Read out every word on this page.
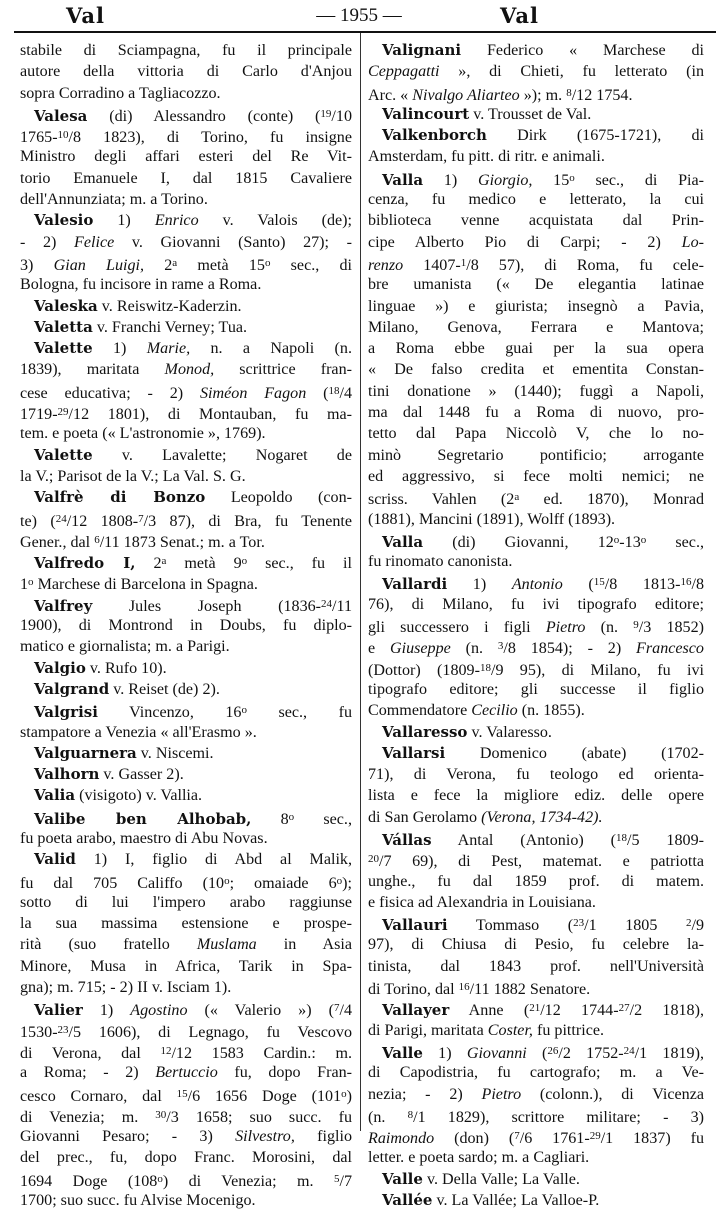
Val	— 1955 —	Val
stabile di Sciampagna, fu il principale
autore della vittoria di Carlo d'Anjou
sopra Corradino a Tagliacozzo.
Valesa (di) Alessandro (conte) ($^{19}$/10
1765-$^{10}$/8 1823), di Torino, fu insigne
Ministro degli affari esteri del Re Vit-
torio Emanuele I, dal 1815 Cavaliere
dell'Annunziata; m. a Torino.
Valesio 1) Enrico v. Valois (de);
- 2) Felice v. Giovanni (Santo) 27); -
3) Gian Luigi, 2$^a$ metà 15$^o$ sec., di
Bologna, fu incisore in rame a Roma.
Valeska v. Reiswitz-Kaderzin.
Valetta v. Franchi Verney; Tua.
Valette 1) Marie, n. a Napoli (n.
1839), maritata Monod, scrittrice fran-
cese educativa; - 2) Siméon Fagon ($^{18}$/4
1719-$^{29}$/12 1801), di Montauban, fu ma-
tem. e poeta (« L'astronomie », 1769).
Valette v. Lavalette; Nogaret de
la V.; Parisot de la V.; La Val. S. G.
Valfrè di Bonzo Leopoldo (con-
te) ($^{24}$/12 1808-$^7$/3 87), di Bra, fu Tenente
Gener., dal $^6$/11 1873 Senat.; m. a Tor.
Valfredo I, 2$^a$ metà 9$^o$ sec., fu il
1$^o$ Marchese di Barcelona in Spagna.
Valfrey Jules Joseph (1836-$^{24}$/11
1900), di Montrond in Doubs, fu diplo-
matico e giornalista; m. a Parigi.
Valgio v. Rufo 10).
Valgrand v. Reiset (de) 2).
Valgrisi Vincenzo, 16$^o$ sec., fu
stampatore a Venezia « all'Erasmo ».
Valguarnera v. Niscemi.
Valhorn v. Gasser 2).
Valia (visigoto) v. Vallia.
Valibe ben Alhobab, 8$^o$ sec.,
fu poeta arabo, maestro di Abu Novas.
Valid 1) I, figlio di Abd al Malik,
fu dal 705 Califfo (10$^o$; omaiade 6$^o$);
sotto di lui l'impero arabo raggiunse
la sua massima estensione e prospe-
rità (suo fratello Muslama in Asia
Minore, Musa in Africa, Tarik in Spa-
gna); m. 715; - 2) II v. Isciam 1).
Valier 1) Agostino (« Valerio ») ($^7$/4
1530-$^{23}$/5 1606), di Legnago, fu Vescovo
di Verona, dal $^{12}$/12 1583 Cardin.: m.
a Roma; - 2) Bertuccio fu, dopo Fran-
cesco Cornaro, dal $^{15}$/6 1656 Doge (101$^o$)
di Venezia; m. $^{30}$/3 1658; suo succ. fu
Giovanni Pesaro; - 3) Silvestro, figlio
del prec., fu, dopo Franc. Morosini, dal
1694 Doge (108$^o$) di Venezia; m. $^5$/7
1700; suo succ. fu Alvise Mocenigo.
Valignani Federico « Marchese di
Ceppagatti », di Chieti, fu letterato (in
Arc. « Nivalgo Aliarteo »); m. $^8$/12 1754.
Valincourt v. Trousset de Val.
Valkenborch Dirk (1675-1721), di
Amsterdam, fu pitt. di ritr. e animali.
Valla 1) Giorgio, 15$^o$ sec., di Pia-
cenza, fu medico e letterato, la cui
biblioteca venne acquistata dal Prin-
cipe Alberto Pio di Carpi; - 2) Lo-
renzo 1407-$^1$/8 57), di Roma, fu cele-
bre umanista (« De elegantia latinae
linguae ») e giurista; insegnò a Pavia,
Milano, Genova, Ferrara e Mantova;
a Roma ebbe guai per la sua opera
« De falso credita et ementita Constan-
tini donatione » (1440); fuggì a Napoli,
ma dal 1448 fu a Roma di nuovo, pro-
tetto dal Papa Niccolò V, che lo no-
minò Segretario pontificio; arrogante
ed aggressivo, si fece molti nemici; ne
scriss. Vahlen (2$^a$ ed. 1870), Monrad
(1881), Mancini (1891), Wolff (1893).
Valla (di) Giovanni, 12$^o$-13$^o$ sec.,
fu rinomato canonista.
Vallardi 1) Antonio ($^{15}$/8 1813-$^{16}$/8
76), di Milano, fu ivi tipografo editore;
gli successero i figli Pietro (n. $^9$/3 1852)
e Giuseppe (n. $^3$/8 1854); - 2) Francesco
(Dottor) (1809-$^{18}$/9 95), di Milano, fu ivi
tipografo editore; gli successe il figlio
Commendatore Cecilio (n. 1855).
Vallaresso v. Valaresso.
Vallarsi Domenico (abate) (1702-
71), di Verona, fu teologo ed orienta-
lista e fece la migliore ediz. delle opere
di San Gerolamo (Verona, 1734-42).
Vállas Antal (Antonio) ($^{18}$/5 1809-
$^{20}$/7 69), di Pest, matemat. e patriotta
unghe., fu dal 1859 prof. di matem.
e fisica ad Alexandria in Louisiana.
Vallauri Tommaso ($^{23}$/1 1805 $^2$/9
97), di Chiusa di Pesio, fu celebre la-
tinista, dal 1843 prof. nell'Università
di Torino, dal $^{16}$/11 1882 Senatore.
Vallayer Anne ($^{21}$/12 1744-$^{27}$/2 1818),
di Parigi, maritata Coster, fu pittrice.
Valle 1) Giovanni ($^{26}$/2 1752-$^{24}$/1 1819),
di Capodistria, fu cartografo; m. a Ve-
nezia; - 2) Pietro (colonn.), di Vicenza
(n. $^8$/1 1829), scrittore militare; - 3)
Raimondo (don) ($^7$/6 1761-$^{29}$/1 1837) fu
letter. e poeta sardo; m. a Cagliari.
Valle v. Della Valle; La Valle.
Vallée v. La Vallée; La Valloe-P.
